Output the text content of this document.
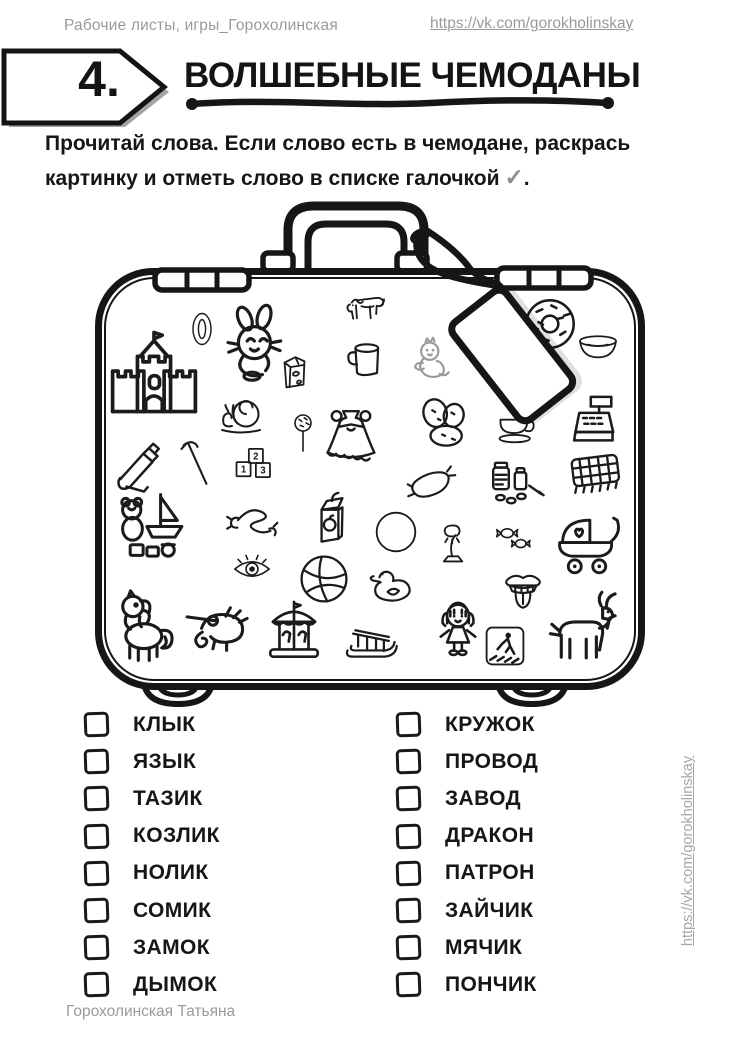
Рабочие листы, игры_Горохолинская	https://vk.com/gorokholinskay
4.	ВОЛШЕБНЫЕ ЧЕМОДАНЫ

Прочитай слова. Если слово есть в чемодане, раскрась
картинку и отметь слово в списке галочкой ✓.

1
2
3
КЛЫК
ЯЗЫК
ТАЗИК
КОЗЛИК
НОЛИК
СОМИК
ЗАМОК
ДЫМОК
КРУЖОК
ПРОВОД
ЗАВОД
ДРАКОН
ПАТРОН
ЗАЙЧИК
МЯЧИК
ПОНЧИК
Горохолинская Татьяна
https://vk.com/gorokholinskay
